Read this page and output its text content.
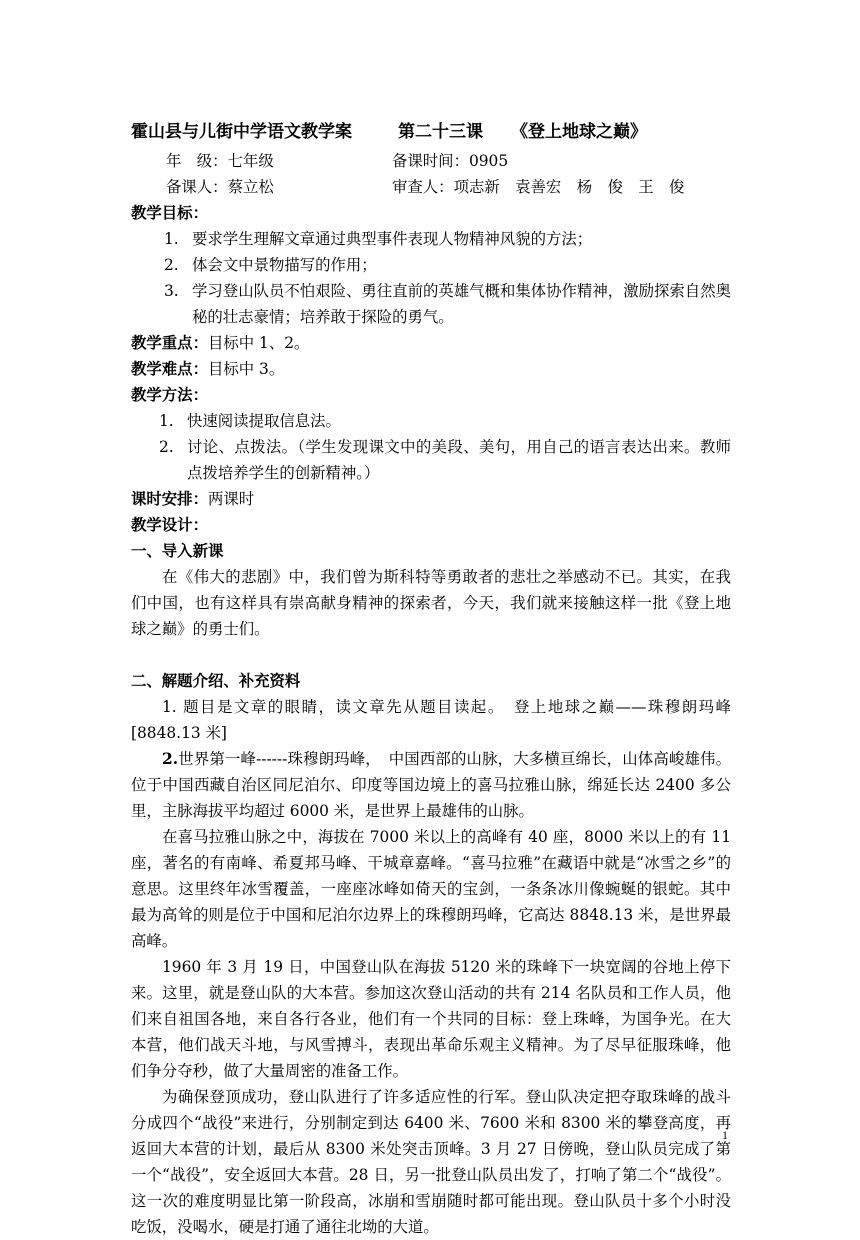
霍山县与儿街中学语文教学案	第二十三课 《登上地球之巅》
年　级：七年级	备课时间：0905
备课人：蔡立松	审查人：项志新　袁善宏　杨　俊　王　俊
教学目标：
1. 要求学生理解文章通过典型事件表现人物精神风貌的方法；
2. 体会文中景物描写的作用；
3. 学习登山队员不怕艰险、勇往直前的英雄气概和集体协作精神，激励探索自然奥秘的壮志豪情；培养敢于探险的勇气。
教学重点：目标中 1、2。
教学难点：目标中 3。
教学方法：
1. 快速阅读提取信息法。
2. 讨论、点拨法。（学生发现课文中的美段、美句，用自己的语言表达出来。教师点拨培养学生的创新精神。）
课时安排：两课时
教学设计：
一、导入新课
在《伟大的悲剧》中，我们曾为斯科特等勇敢者的悲壮之举感动不已。其实，在我们中国，也有这样具有崇高献身精神的探索者，今天，我们就来接触这样一批《登上地球之巅》的勇士们。
二、解题介绍、补充资料
1. 题目是文章的眼睛，读文章先从题目读起。　登上地球之巅——珠穆朗玛峰[8848.13 米]
2.世界第一峰------珠穆朗玛峰，　中国西部的山脉，大多横亘绵长，山体高峻雄伟。位于中国西藏自治区同尼泊尔、印度等国边境上的喜马拉雅山脉，绵延长达 2400 多公里，主脉海拔平均超过 6000 米，是世界上最雄伟的山脉。
在喜马拉雅山脉之中，海拔在 7000 米以上的高峰有 40 座，8000 米以上的有 11 座，著名的有南峰、希夏邦马峰、干城章嘉峰。“喜马拉雅”在藏语中就是“冰雪之乡”的意思。这里终年冰雪覆盖，一座座冰峰如倚天的宝剑，一条条冰川像蜿蜒的银蛇。其中最为高耸的则是位于中国和尼泊尔边界上的珠穆朗玛峰，它高达 8848.13 米，是世界最高峰。
1960 年 3 月 19 日，中国登山队在海拔 5120 米的珠峰下一块宽阔的谷地上停下来。这里，就是登山队的大本营。参加这次登山活动的共有 214 名队员和工作人员，他们来自祖国各地，来自各行各业，他们有一个共同的目标：登上珠峰，为国争光。在大本营，他们战天斗地，与风雪搏斗，表现出革命乐观主义精神。为了尽早征服珠峰，他们争分夺秒，做了大量周密的准备工作。
为确保登顶成功，登山队进行了许多适应性的行军。登山队决定把夺取珠峰的战斗分成四个“战役”来进行，分别制定到达 6400 米、7600 米和 8300 米的攀登高度，再返回大本营的计划，最后从 8300 米处突击顶峰。3 月 27 日傍晚，登山队员完成了第一个“战役”，安全返回大本营。28 日，另一批登山队员出发了，打响了第二个“战役”。这一次的难度明显比第一阶段高，冰崩和雪崩随时都可能出现。登山队员十多个小时没吃饭，没喝水，硬是打通了通往北坳的大道。
1
